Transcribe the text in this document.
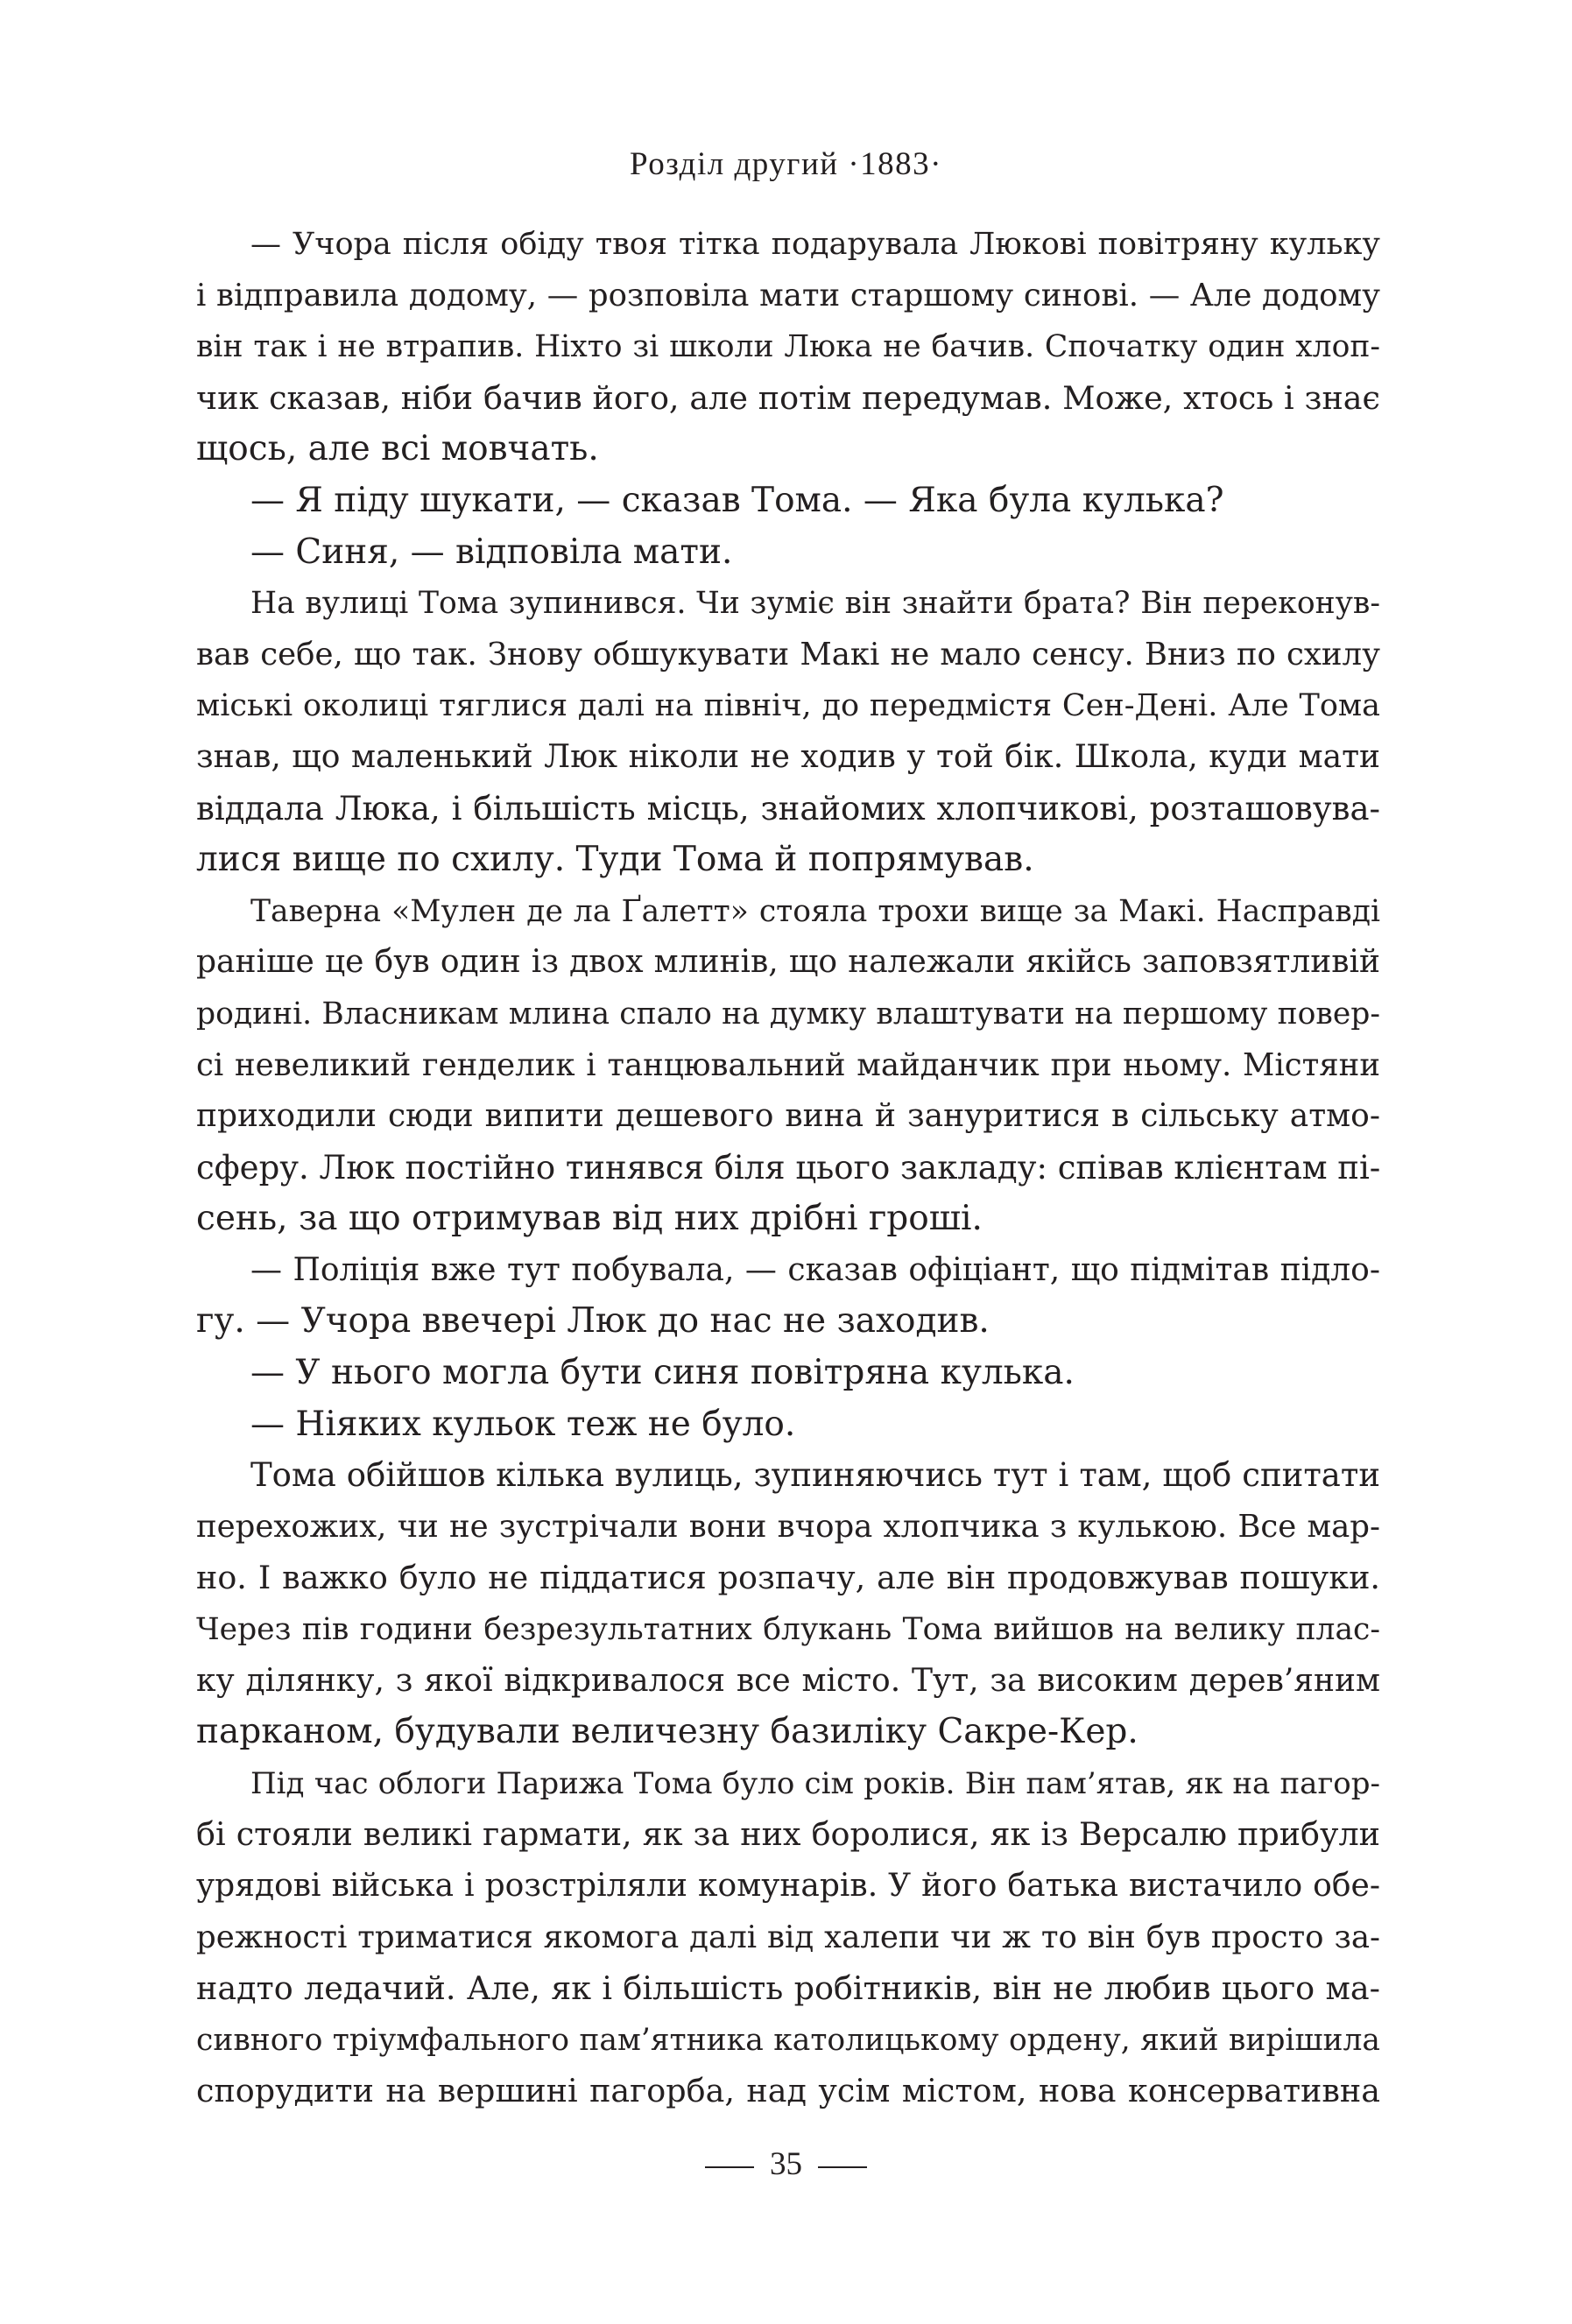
Розділ другий ·1883·
— Учора після обіду твоя тітка подарувала Люкові повітряну кульку
і відправила додому, — розповіла мати старшому синові. — Але додому
він так і не втрапив. Ніхто зі школи Люка не бачив. Спочатку один хлоп-
чик сказав, ніби бачив його, але потім передумав. Може, хтось і знає
щось, але всі мовчать.
— Я піду шукати, — сказав Тома. — Яка була кулька?
— Синя, — відповіла мати.
На вулиці Тома зупинився. Чи зуміє він знайти брата? Він переконув-
вав себе, що так. Знову обшукувати Макі не мало сенсу. Вниз по схилу
міські околиці тяглися далі на північ, до передмістя Сен-Дені. Але Тома
знав, що маленький Люк ніколи не ходив у той бік. Школа, куди мати
віддала Люка, і більшість місць, знайомих хлопчикові, розташовува-
лися вище по схилу. Туди Тома й попрямував.
Таверна «Мулен де ла Ґалетт» стояла трохи вище за Макі. Насправді
раніше це був один із двох млинів, що належали якійсь заповзятливій
родині. Власникам млина спало на думку влаштувати на першому повер-
сі невеликий генделик і танцювальний майданчик при ньому. Містяни
приходили сюди випити дешевого вина й зануритися в сільську атмо-
сферу. Люк постійно тинявся біля цього закладу: співав клієнтам пі-
сень, за що отримував від них дрібні гроші.
— Поліція вже тут побувала, — сказав офіціант, що підмітав підло-
гу. — Учора ввечері Люк до нас не заходив.
— У нього могла бути синя повітряна кулька.
— Ніяких кульок теж не було.
Тома обійшов кілька вулиць, зупиняючись тут і там, щоб спитати
перехожих, чи не зустрічали вони вчора хлопчика з кулькою. Все мар-
но. І важко було не піддатися розпачу, але він продовжував пошуки.
Через пів години безрезультатних блукань Тома вийшов на велику плас-
ку ділянку, з якої відкривалося все місто. Тут, за високим дерев’яним
парканом, будували величезну базиліку Сакре-Кер.
Під час облоги Парижа Тома було сім років. Він пам’ятав, як на пагор-
бі стояли великі гармати, як за них боролися, як із Версалю прибули
урядові війська і розстріляли комунарів. У його батька вистачило обе-
режності триматися якомога далі від халепи чи ж то він був просто за-
надто ледачий. Але, як і більшість робітників, він не любив цього ма-
сивного тріумфального пам’ятника католицькому ордену, який вирішила
спорудити на вершині пагорба, над усім містом, нова консервативна
35
